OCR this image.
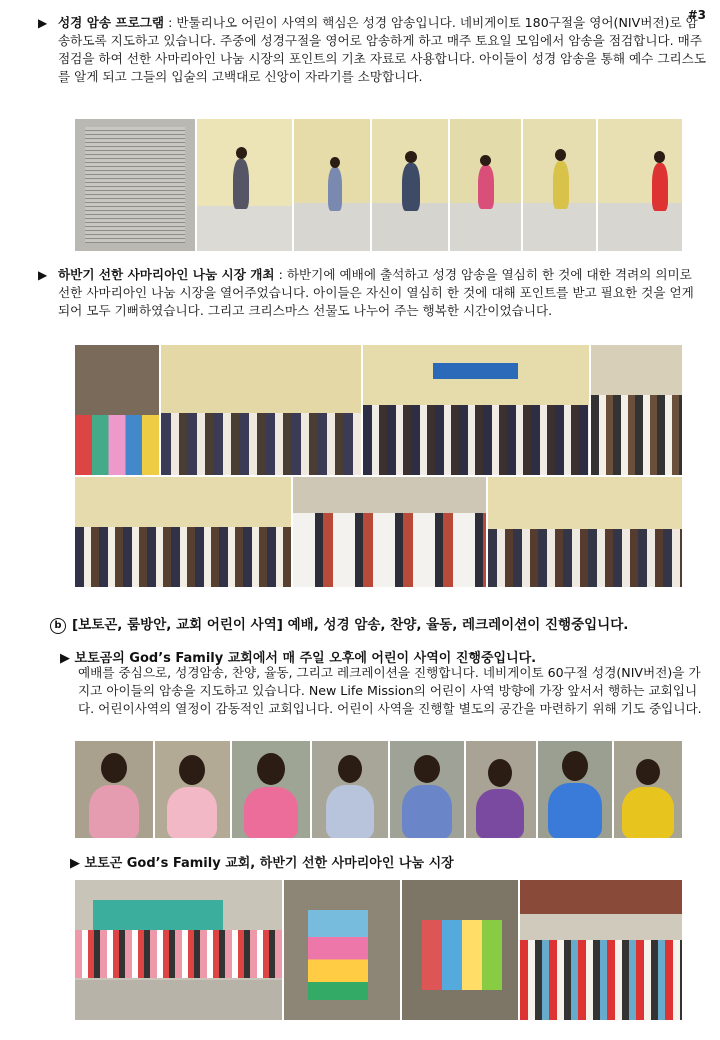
#3
▶ 성경 암송 프로그램 : 반툴리나오 어린이 사역의 핵심은 성경 암송입니다. 네비게이토 180구절을 영어(NIV버전)로 암송하도록 지도하고 있습니다. 주중에 성경구절을 영어로 암송하게 하고 매주 토요일 모임에서 암송을 점검합니다. 매주 점검을 하여 선한 사마리아인 나눔 시장의 포인트의 기초 자료로 사용합니다. 아이들이 성경 암송을 통해 예수 그리스도를 알게 되고 그들의 입술의 고백대로 신앙이 자라기를 소망합니다.
▶ 하반기 선한 사마리아인 나눔 시장 개최 : 하반기에 예배에 출석하고 성경 암송을 열심히 한 것에 대한 격려의 의미로 선한 사마리아인 나눔 시장을 열어주었습니다. 아이들은 자신이 열심히 한 것에 대해 포인트를 받고 필요한 것을 얻게 되어 모두 기뻐하였습니다. 그리고 크리스마스 선물도 나누어 주는 행복한 시간이었습니다.
b [보토곤, 룸방안, 교회 어린이 사역] 예배, 성경 암송, 찬양, 율동, 레크레이션이 진행중입니다.
▶ 보토곰의 God’s Family 교회에서 매 주일 오후에 어린이 사역이 진행중입니다.
예배를 중심으로, 성경암송, 찬양, 율동, 그리고 레크레이션을 진행합니다. 네비게이토 60구절 성경(NIV버전)을 가지고 아이들의 암송을 지도하고 있습니다. New Life Mission의 어린이 사역 방향에 가장 앞서서 행하는 교회입니다. 어린이사역의 열정이 감동적인 교회입니다. 어린이 사역을 진행할 별도의 공간을 마련하기 위해 기도 중입니다.
▶ 보토곤 God’s Family 교회, 하반기 선한 사마리아인 나눔 시장
